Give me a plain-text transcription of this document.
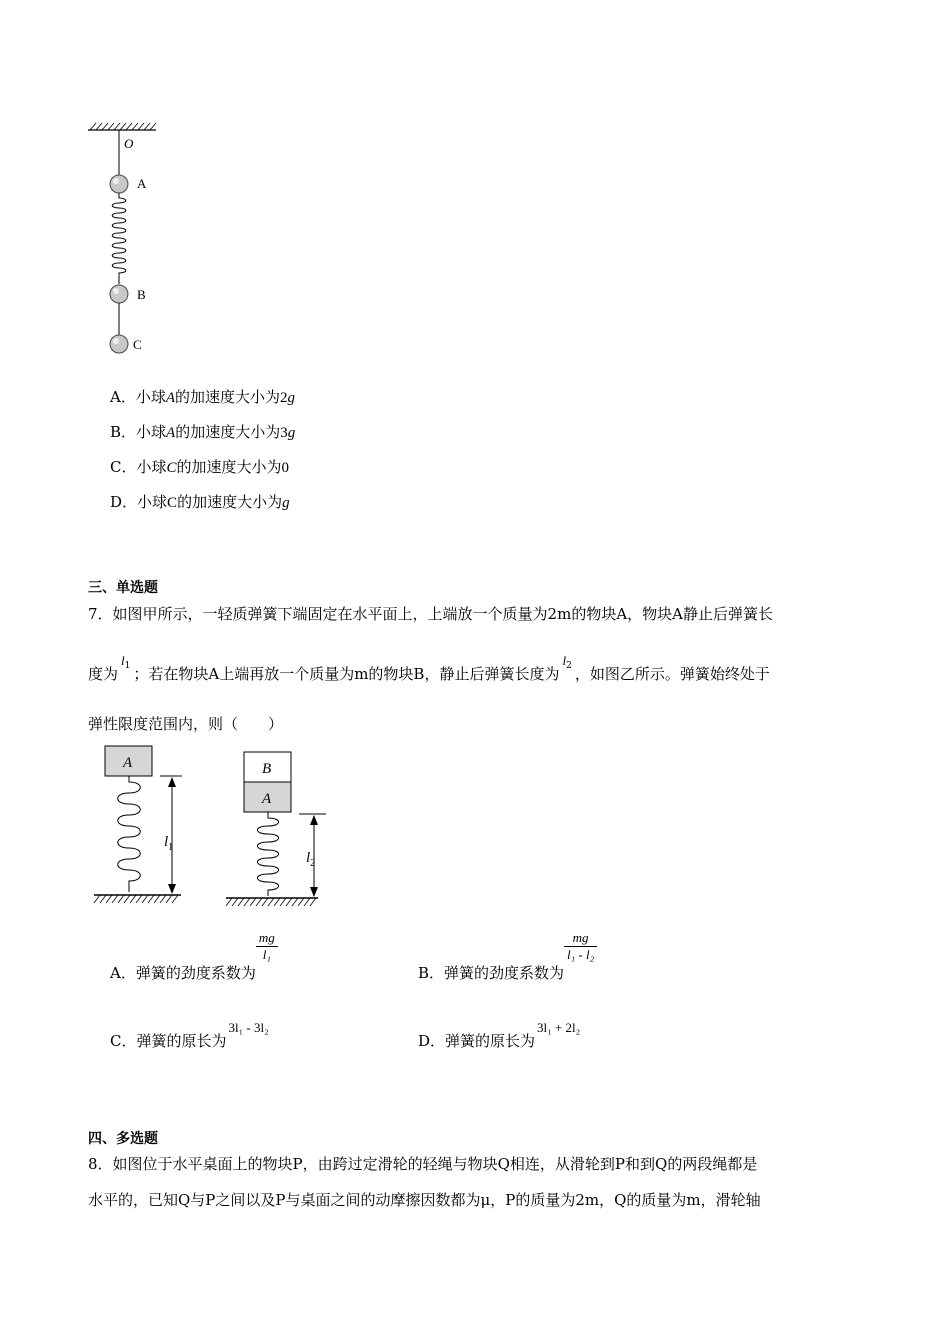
O
A
B
C
A．小球A的加速度大小为2g
B．小球A的加速度大小为3g
C．小球C的加速度大小为0
D．小球C的加速度大小为g
三、单选题
7．如图甲所示，一轻质弹簧下端固定在水平面上，上端放一个质量为2m的物块A，物块A静止后弹簧长
度为$l_1$ ；若在物块A上端再放一个质量为m的物块B，静止后弹簧长度为$l_2$ ，如图乙所示。弹簧始终处于
弹性限度范围内，则（　　）
A
$l_1$
B
A
$l_2$
A．弹簧的劲度系数为
$\frac{mg}{\text{l₁}}$
B．弹簧的劲度系数为
$\frac{mg}{\text{l₁ - l₂}}$
C．弹簧的原长为3l₁ - 3l₂
D．弹簧的原长为3l₁ + 2l₂
四、多选题
8．如图位于水平桌面上的物块P，由跨过定滑轮的轻绳与物块Q相连，从滑轮到P和到Q的两段绳都是
水平的，已知Q与P之间以及P与桌面之间的动摩擦因数都为μ，P的质量为2m，Q的质量为m，滑轮轴
